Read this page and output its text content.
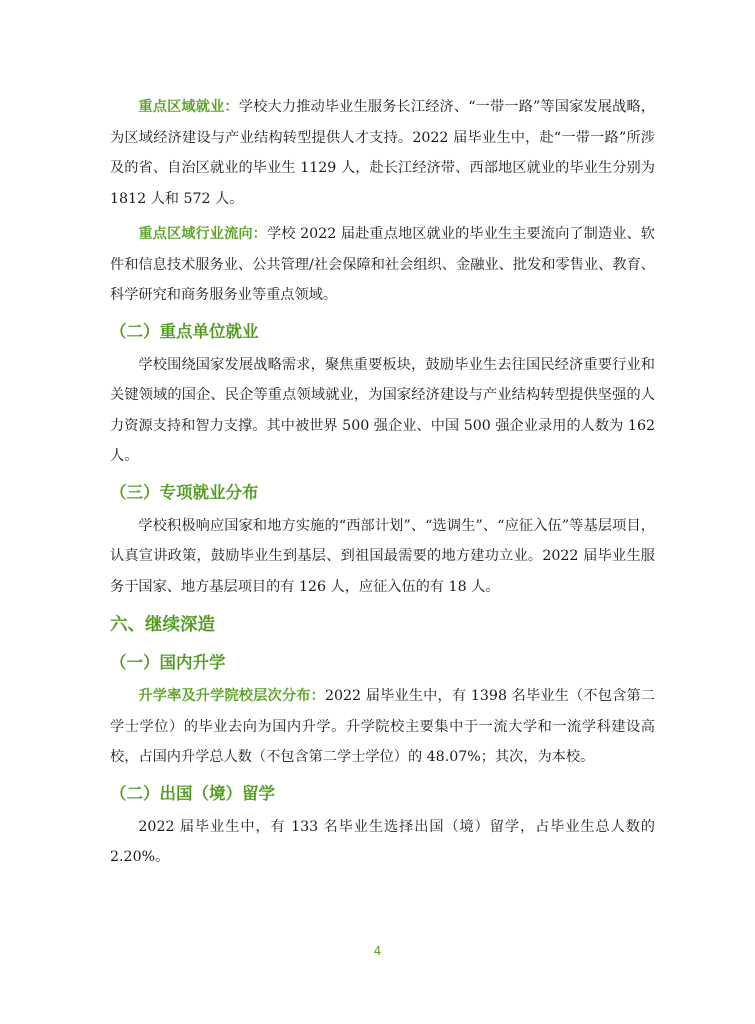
重点区域就业：学校大力推动毕业生服务长江经济、“一带一路”等国家发展战略，为区域经济建设与产业结构转型提供人才支持。2022 届毕业生中，赴“一带一路”所涉及的省、自治区就业的毕业生 1129 人，赴长江经济带、西部地区就业的毕业生分别为 1812 人和 572 人。

重点区域行业流向：学校 2022 届赴重点地区就业的毕业生主要流向了制造业、软件和信息技术服务业、公共管理/社会保障和社会组织、金融业、批发和零售业、教育、科学研究和商务服务业等重点领域。

（二）重点单位就业

学校围绕国家发展战略需求，聚焦重要板块，鼓励毕业生去往国民经济重要行业和关键领域的国企、民企等重点领域就业，为国家经济建设与产业结构转型提供坚强的人力资源支持和智力支撑。其中被世界 500 强企业、中国 500 强企业录用的人数为 162 人。

（三）专项就业分布

学校积极响应国家和地方实施的“西部计划”、“选调生”、“应征入伍”等基层项目，认真宣讲政策，鼓励毕业生到基层、到祖国最需要的地方建功立业。2022 届毕业生服务于国家、地方基层项目的有 126 人，应征入伍的有 18 人。

六、继续深造
（一）国内升学

升学率及升学院校层次分布：2022 届毕业生中，有 1398 名毕业生（不包含第二学士学位）的毕业去向为国内升学。升学院校主要集中于一流大学和一流学科建设高校，占国内升学总人数（不包含第二学士学位）的 48.07%；其次，为本校。

（二）出国（境）留学

2022 届毕业生中，有 133 名毕业生选择出国（境）留学，占毕业生总人数的 2.20%。

4
